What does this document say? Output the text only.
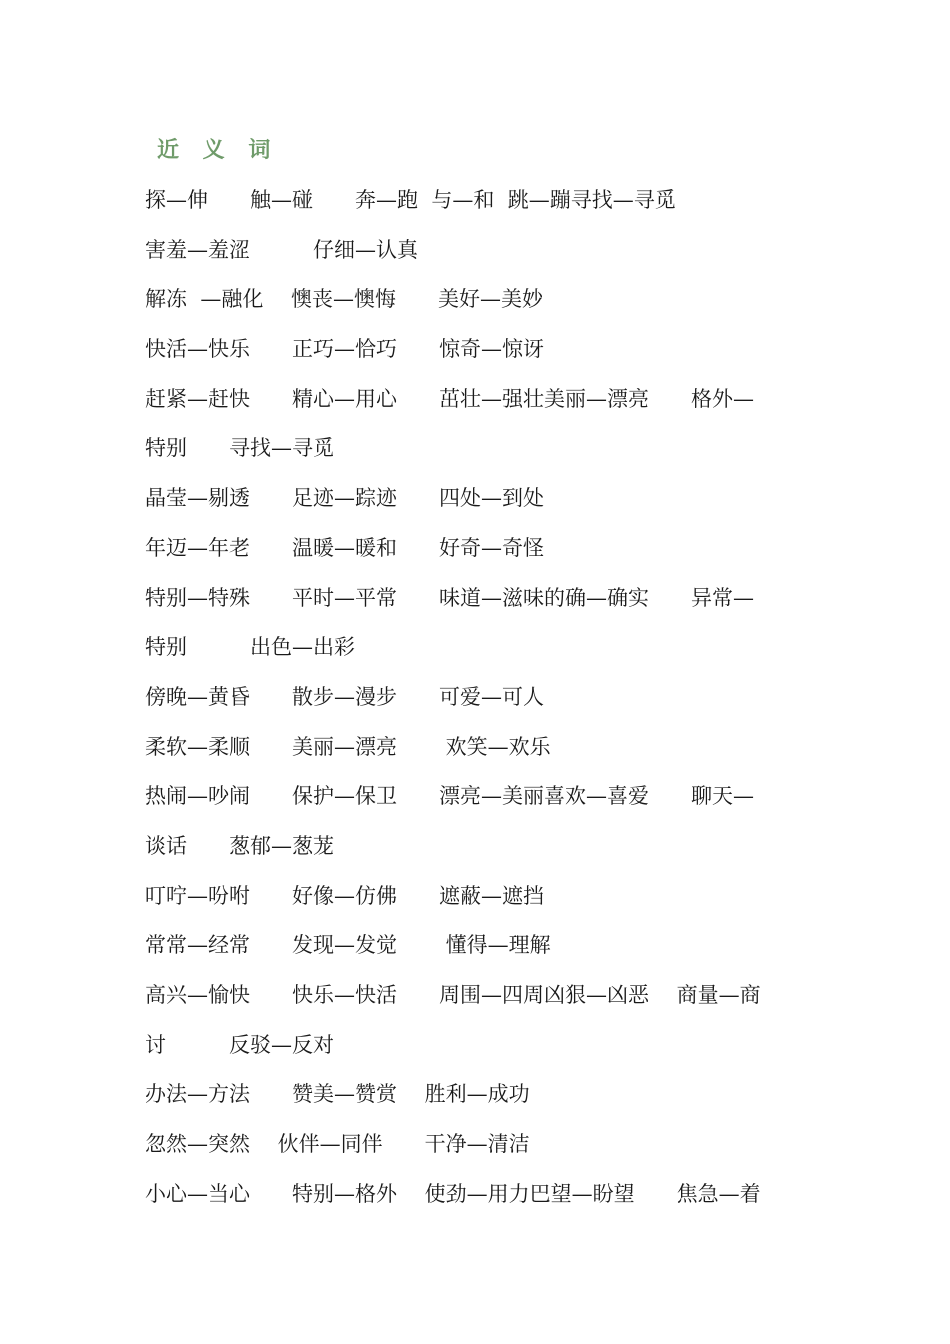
近 义 词
探—伸　　触—碰　　奔—跑  与—和  跳—蹦寻找—寻觅
害羞—羞涩　　　仔细—认真
解冻  —融化　 懊丧—懊悔　　美好—美妙
快活—快乐　　正巧—恰巧　　惊奇—惊讶
赶紧—赶快　　精心—用心　　茁壮—强壮美丽—漂亮　　格外—
特别　　寻找—寻觅
晶莹—剔透　　足迹—踪迹　　四处—到处
年迈—年老　　温暖—暖和　　好奇—奇怪
特别—特殊　　平时—平常　　味道—滋味的确—确实　　异常—
特别　　　出色—出彩
傍晚—黄昏　　散步—漫步　　可爱—可人
柔软—柔顺　　美丽—漂亮　　 欢笑—欢乐
热闹—吵闹　　保护—保卫　　漂亮—美丽喜欢—喜爱　　聊天—
谈话　　葱郁—葱茏
叮咛—吩咐　　好像—仿佛　　遮蔽—遮挡
常常—经常　　发现—发觉　　 懂得—理解
高兴—愉快　　快乐—快活　　周围—四周凶狠—凶恶　 商量—商
讨　　　反驳—反对
办法—方法　　赞美—赞赏　 胜利—成功
忽然—突然　 伙伴—同伴　　干净—清洁
小心—当心　　特别—格外　 使劲—用力巴望—盼望　　焦急—着
